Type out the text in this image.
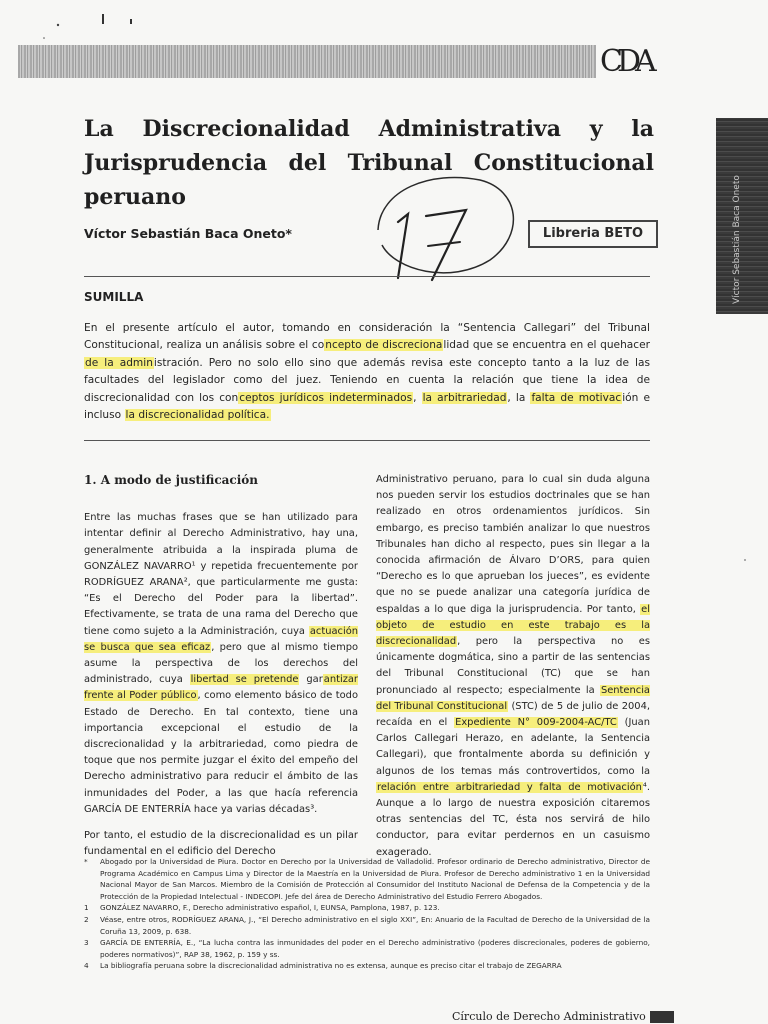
CDA
Víctor Sebastián Baca Oneto
La Discrecionalidad Administrativa y la
Jurisprudencia del Tribunal Constitucional
peruano
Víctor Sebastián Baca Oneto*	Libreria BETO
SUMILLA

En el presente artículo el autor, tomando en consideración la “Sentencia Callegari” del Tribunal Constitucional, realiza un análisis sobre el concepto de discrecionalidad que se encuentra en el quehacer de la administración. Pero no solo ello sino que además revisa este concepto tanto a la luz de las facultades del legislador como del juez. Teniendo en cuenta la relación que tiene la idea de discrecionalidad con los conceptos jurídicos indeterminados, la arbitrariedad, la falta de motivación e incluso la discrecionalidad política.

1. A modo de justificación

Entre las muchas frases que se han utilizado para intentar definir al Derecho Administrativo, hay una, generalmente atribuida a la inspirada pluma de GONZÁLEZ NAVARRO¹ y repetida frecuentemente por RODRÍGUEZ ARANA², que particularmente me gusta: “Es el Derecho del Poder para la libertad”. Efectivamente, se trata de una rama del Derecho que tiene como sujeto a la Administración, cuya actuación se busca que sea eficaz, pero que al mismo tiempo asume la perspectiva de los derechos del administrado, cuya libertad se pretende garantizar frente al Poder público, como elemento básico de todo Estado de Derecho. En tal contexto, tiene una importancia excepcional el estudio de la discrecionalidad y la arbitrariedad, como piedra de toque que nos permite juzgar el éxito del empeño del Derecho administrativo para reducir el ámbito de las inmunidades del Poder, a las que hacía referencia GARCÍA DE ENTERRÍA hace ya varias décadas³.

Por tanto, el estudio de la discrecionalidad es un pilar fundamental en el edificio del Derecho

Administrativo peruano, para lo cual sin duda alguna nos pueden servir los estudios doctrinales que se han realizado en otros ordenamientos jurídicos. Sin embargo, es preciso también analizar lo que nuestros Tribunales han dicho al respecto, pues sin llegar a la conocida afirmación de Álvaro D’ORS, para quien “Derecho es lo que aprueban los jueces”, es evidente que no se puede analizar una categoría jurídica de espaldas a lo que diga la jurisprudencia. Por tanto, el objeto de estudio en este trabajo es la discrecionalidad, pero la perspectiva no es únicamente dogmática, sino a partir de las sentencias del Tribunal Constitucional (TC) que se han pronunciado al respecto; especialmente la Sentencia del Tribunal Constitucional (STC) de 5 de julio de 2004, recaída en el Expediente N° 009-2004-AC/TC (Juan Carlos Callegari Herazo, en adelante, la Sentencia Callegari), que frontalmente aborda su definición y algunos de los temas más controvertidos, como la relación entre arbitrariedad y falta de motivación⁴. Aunque a lo largo de nuestra exposición citaremos otras sentencias del TC, ésta nos servirá de hilo conductor, para evitar perdernos en un casuismo exagerado.

* Abogado por la Universidad de Piura. Doctor en Derecho por la Universidad de Valladolid. Profesor ordinario de Derecho administrativo, Director de Programa Académico en Campus Lima y Director de la Maestría en la Universidad de Piura. Profesor de Derecho administrativo 1 en la Universidad Nacional Mayor de San Marcos. Miembro de la Comisión de Protección al Consumidor del Instituto Nacional de Defensa de la Competencia y de la Protección de la Propiedad Intelectual - INDECOPI. Jefe del área de Derecho Administrativo del Estudio Ferrero Abogados.
1 GONZÁLEZ NAVARRO, F., Derecho administrativo español, I, EUNSA, Pamplona, 1987, p. 123.
2 Véase, entre otros, RODRÍGUEZ ARANA, J., “El Derecho administrativo en el siglo XXI”, En: Anuario de la Facultad de Derecho de la Universidad de la Coruña 13, 2009, p. 638.
3 GARCÍA DE ENTERRÍA, E., “La lucha contra las inmunidades del poder en el Derecho administrativo (poderes discrecionales, poderes de gobierno, poderes normativos)”, RAP 38, 1962, p. 159 y ss.
4 La bibliografía peruana sobre la discrecionalidad administrativa no es extensa, aunque es preciso citar el trabajo de ZEGARRA
Círculo de Derecho Administrativo
